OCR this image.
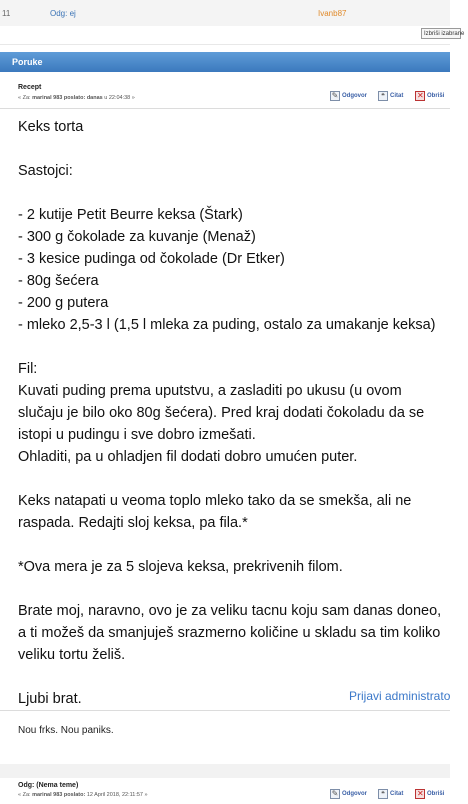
11	Odg: ej	Ivanb87
Izbriši izabrane
Poruke
Recept
« Za: marinal 983 poslato: danas u 22:04:38 » ✎	Odgovor ❝	Citat ✕	Obriši
Keks torta
Sastojci:
- 2 kutije Petit Beurre keksa (Štark)
- 300 g čokolade za kuvanje (Menaž)
- 3 kesice pudinga od čokolade (Dr Etker)
- 80g šećera
- 200 g putera
- mleko 2,5-3 l (1,5 l mleka za puding, ostalo za umakanje keksa)
Fil:
Kuvati puding prema uputstvu, a zasladiti po ukusu (u ovom
slučaju je bilo oko 80g šećera). Pred kraj dodati čokoladu da se
istopi u pudingu i sve dobro izmešati.
Ohladiti, pa u ohladjen fil dodati dobro umućen puter.
Keks natapati u veoma toplo mleko tako da se smekša, ali ne
raspada. Redajti sloj keksa, pa fila.*
*Ova mera je za 5 slojeva keksa, prekrivenih filom.
Brate moj, naravno, ovo je za veliku tacnu koju sam danas doneo,
a ti možeš da smanjuješ srazmerno količine u skladu sa tim koliko
veliku tortu želiš.
Ljubi brat.	Prijavi administrato
Nou frks. Nou paniks.
Odg: (Nema teme)
« Za: marinal 983 poslato: 12 April 2018, 22:11:57 » ✎	Odgovor ❝	Citat ✕	Obriši
